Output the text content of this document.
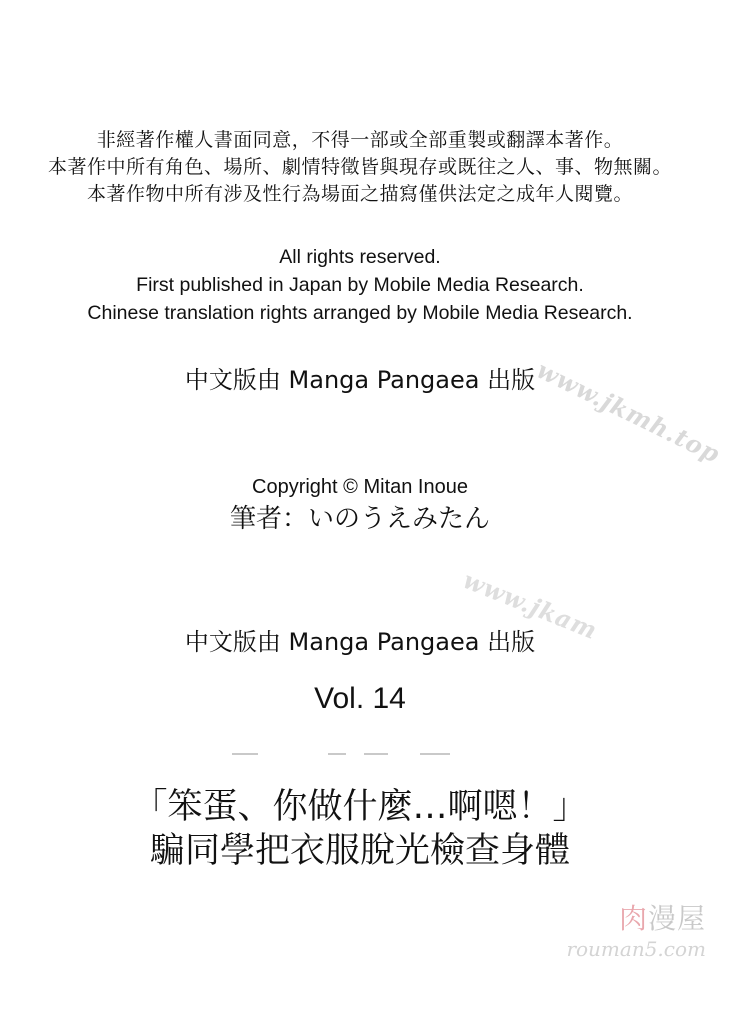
非經著作權人書面同意，不得一部或全部重製或翻譯本著作。
本著作中所有角色、場所、劇情特徵皆與現存或既往之人、事、物無關。
本著作物中所有涉及性行為場面之描寫僅供法定之成年人閱覽。
All rights reserved.
First published in Japan by Mobile Media Research.
Chinese translation rights arranged by Mobile Media Research.
中文版由 Manga Pangaea 出版
www.jkmh.top
Copyright © Mitan Inoue
筆者：いのうえみたん
www.jkam
中文版由 Manga Pangaea 出版
Vol. 14
「笨蛋、你做什麼…啊嗯！」
騙同學把衣服脫光檢查身體
肉漫屋
rouman5.com
